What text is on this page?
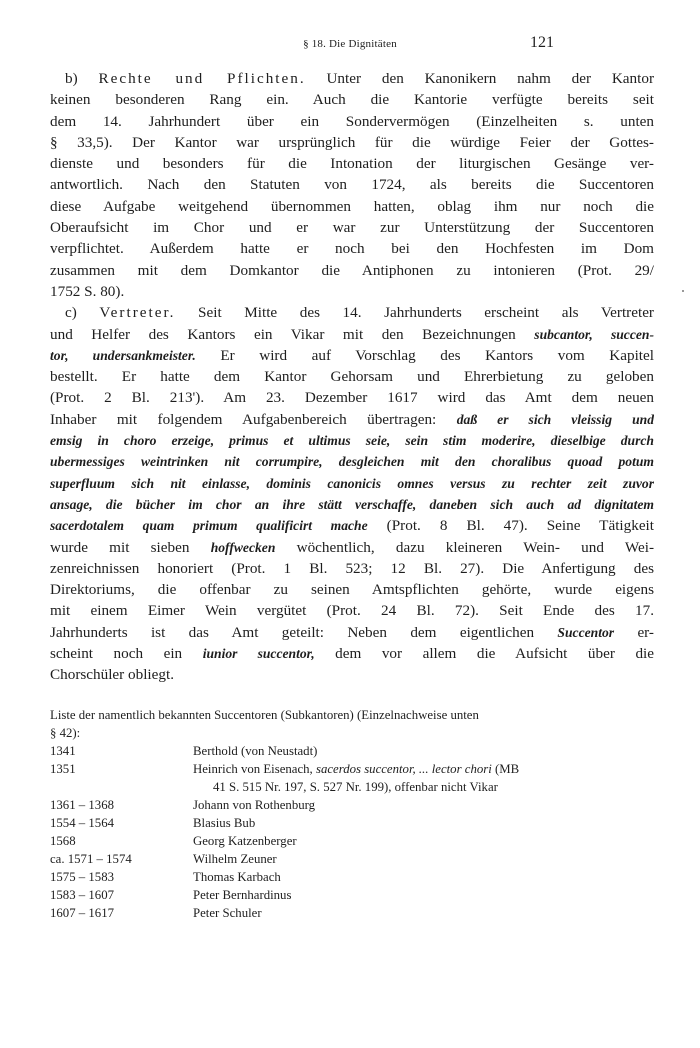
§ 18. Die Dignitäten	121
b) Rechte und Pflichten. Unter den Kanonikern nahm der Kantor
keinen besonderen Rang ein. Auch die Kantorie verfügte bereits seit
dem 14. Jahrhundert über ein Sondervermögen (Einzelheiten s. unten
§ 33,5). Der Kantor war ursprünglich für die würdige Feier der Gottes-
dienste und besonders für die Intonation der liturgischen Gesänge ver-
antwortlich. Nach den Statuten von 1724, als bereits die Succentoren
diese Aufgabe weitgehend übernommen hatten, oblag ihm nur noch die
Oberaufsicht im Chor und er war zur Unterstützung der Succentoren
verpflichtet. Außerdem hatte er noch bei den Hochfesten im Dom
zusammen mit dem Domkantor die Antiphonen zu intonieren (Prot. 29/
1752 S. 80).
c) Vertreter. Seit Mitte des 14. Jahrhunderts erscheint als Vertreter
und Helfer des Kantors ein Vikar mit den Bezeichnungen subcantor, succen-
tor, undersankmeister. Er wird auf Vorschlag des Kantors vom Kapitel
bestellt. Er hatte dem Kantor Gehorsam und Ehrerbietung zu geloben
(Prot. 2 Bl. 213'). Am 23. Dezember 1617 wird das Amt dem neuen
Inhaber mit folgendem Aufgabenbereich übertragen: daß er sich vleissig und
emsig in choro erzeige, primus et ultimus seie, sein stim moderire, dieselbige durch
ubermessiges weintrinken nit corrumpire, desgleichen mit den choralibus quoad potum
superfluum sich nit einlasse, dominis canonicis omnes versus zu rechter zeit zuvor
ansage, die bücher im chor an ihre stätt verschaffe, daneben sich auch ad dignitatem
sacerdotalem quam primum qualificirt mache (Prot. 8 Bl. 47). Seine Tätigkeit
wurde mit sieben hoffwecken wöchentlich, dazu kleineren Wein- und Wei-
zenreichnissen honoriert (Prot. 1 Bl. 523; 12 Bl. 27). Die Anfertigung des
Direktoriums, die offenbar zu seinen Amtspflichten gehörte, wurde eigens
mit einem Eimer Wein vergütet (Prot. 24 Bl. 72). Seit Ende des 17.
Jahrhunderts ist das Amt geteilt: Neben dem eigentlichen Succentor er-
scheint noch ein iunior succentor, dem vor allem die Aufsicht über die
Chorschüler obliegt.
Liste der namentlich bekannten Succentoren (Subkantoren) (Einzelnachweise unten
§ 42):
1341	Berthold (von Neustadt)
1351	Heinrich von Eisenach, sacerdos succentor, ... lector chori (MB
41 S. 515 Nr. 197, S. 527 Nr. 199), offenbar nicht Vikar
1361 – 1368	Johann von Rothenburg
1554 – 1564	Blasius Bub
1568	Georg Katzenberger
ca. 1571 – 1574	Wilhelm Zeuner
1575 – 1583	Thomas Karbach
1583 – 1607	Peter Bernhardinus
1607 – 1617	Peter Schuler
